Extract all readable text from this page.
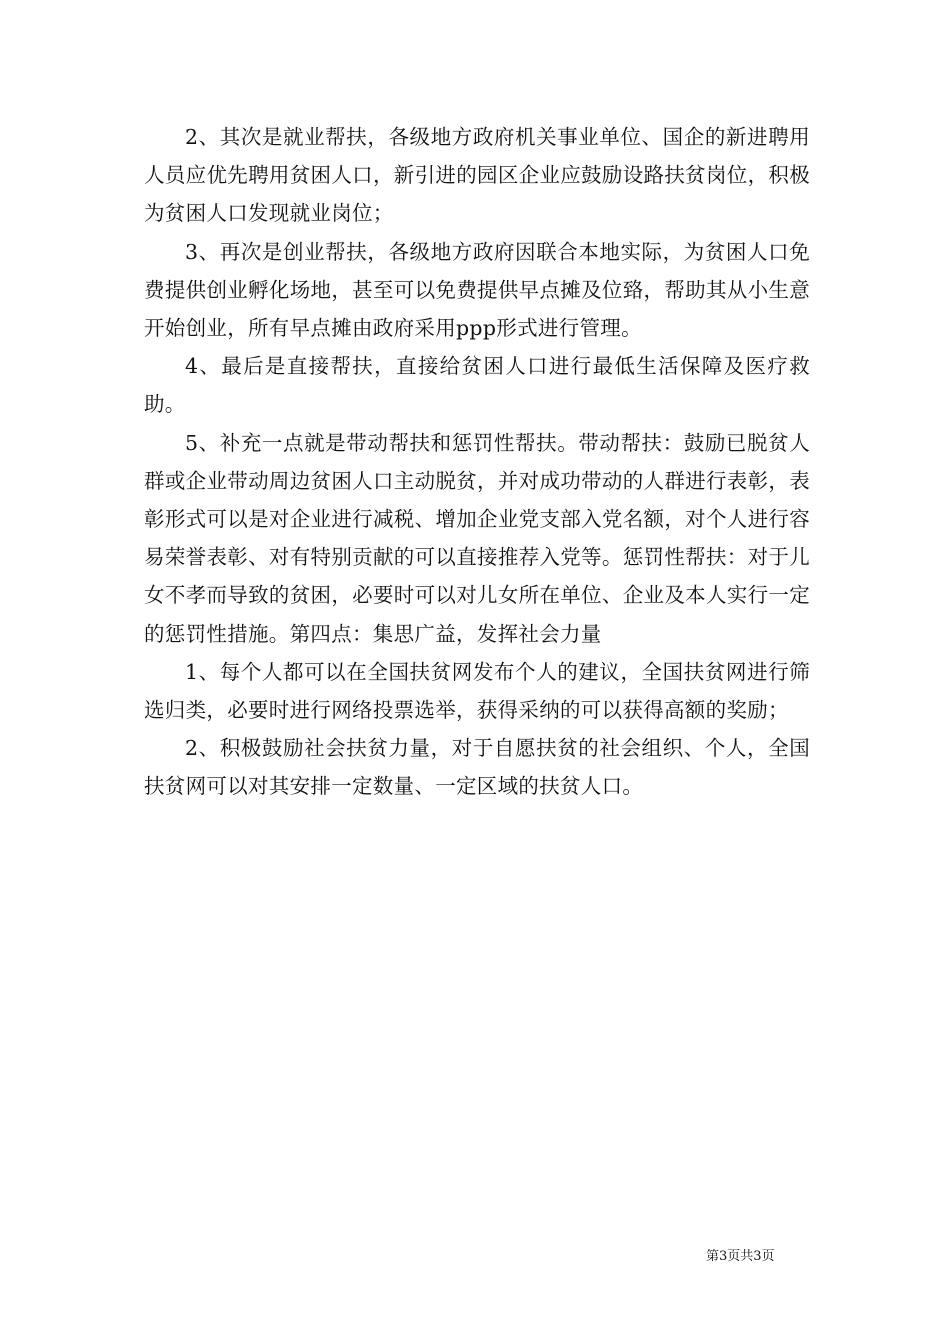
2、其次是就业帮扶，各级地方政府机关事业单位、国企的新进聘用人员应优先聘用贫困人口，新引进的园区企业应鼓励设路扶贫岗位，积极为贫困人口发现就业岗位；

3、再次是创业帮扶，各级地方政府因联合本地实际，为贫困人口免费提供创业孵化场地，甚至可以免费提供早点摊及位臵，帮助其从小生意开始创业，所有早点摊由政府采用ppp形式进行管理。

4、最后是直接帮扶，直接给贫困人口进行最低生活保障及医疗救助。

5、补充一点就是带动帮扶和惩罚性帮扶。带动帮扶：鼓励已脱贫人群或企业带动周边贫困人口主动脱贫，并对成功带动的人群进行表彰，表彰形式可以是对企业进行减税、增加企业党支部入党名额，对个人进行容易荣誉表彰、对有特别贡献的可以直接推荐入党等。惩罚性帮扶：对于儿女不孝而导致的贫困，必要时可以对儿女所在单位、企业及本人实行一定的惩罚性措施。第四点：集思广益，发挥社会力量

1、每个人都可以在全国扶贫网发布个人的建议，全国扶贫网进行筛选归类，必要时进行网络投票选举，获得采纳的可以获得高额的奖励；

2、积极鼓励社会扶贫力量，对于自愿扶贫的社会组织、个人，全国扶贫网可以对其安排一定数量、一定区域的扶贫人口。

第3页共3页
